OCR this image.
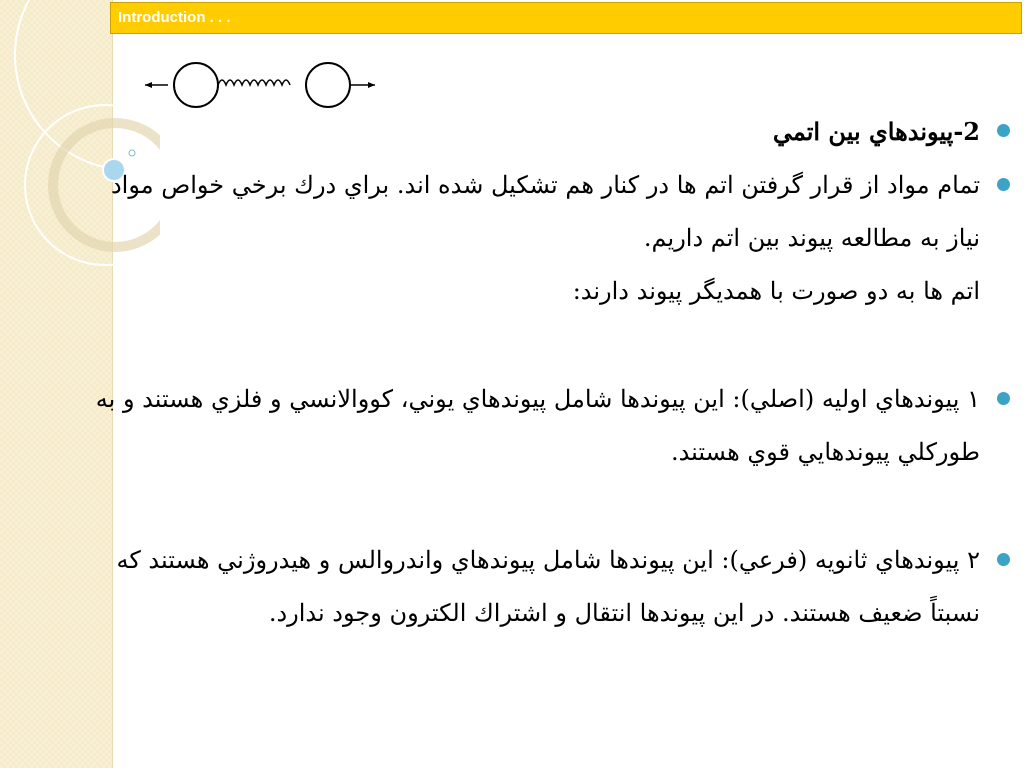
Introduction . . .
2-پيوندهاي بين اتمي
تمام مواد از قرار گرفتن اتم ها در كنار هم تشكيل شده اند. براي درك برخي خواص مواد نياز به مطالعه پيوند بين اتم داريم.
اتم ها به دو صورت با همديگر پيوند دارند:
۱ پيوندهاي اوليه (اصلي): اين پيوندها شامل پيوندهاي يوني، كووالانسي و فلزي هستند و به طوركلي پيوندهايي قوي هستند.
۲ پيوندهاي ثانويه (فرعي): اين پيوندها شامل پيوندهاي واندروالس و هيدروژني هستند كه نسبتاً ضعيف هستند. در اين پيوندها انتقال و اشتراك الكترون وجود ندارد.
